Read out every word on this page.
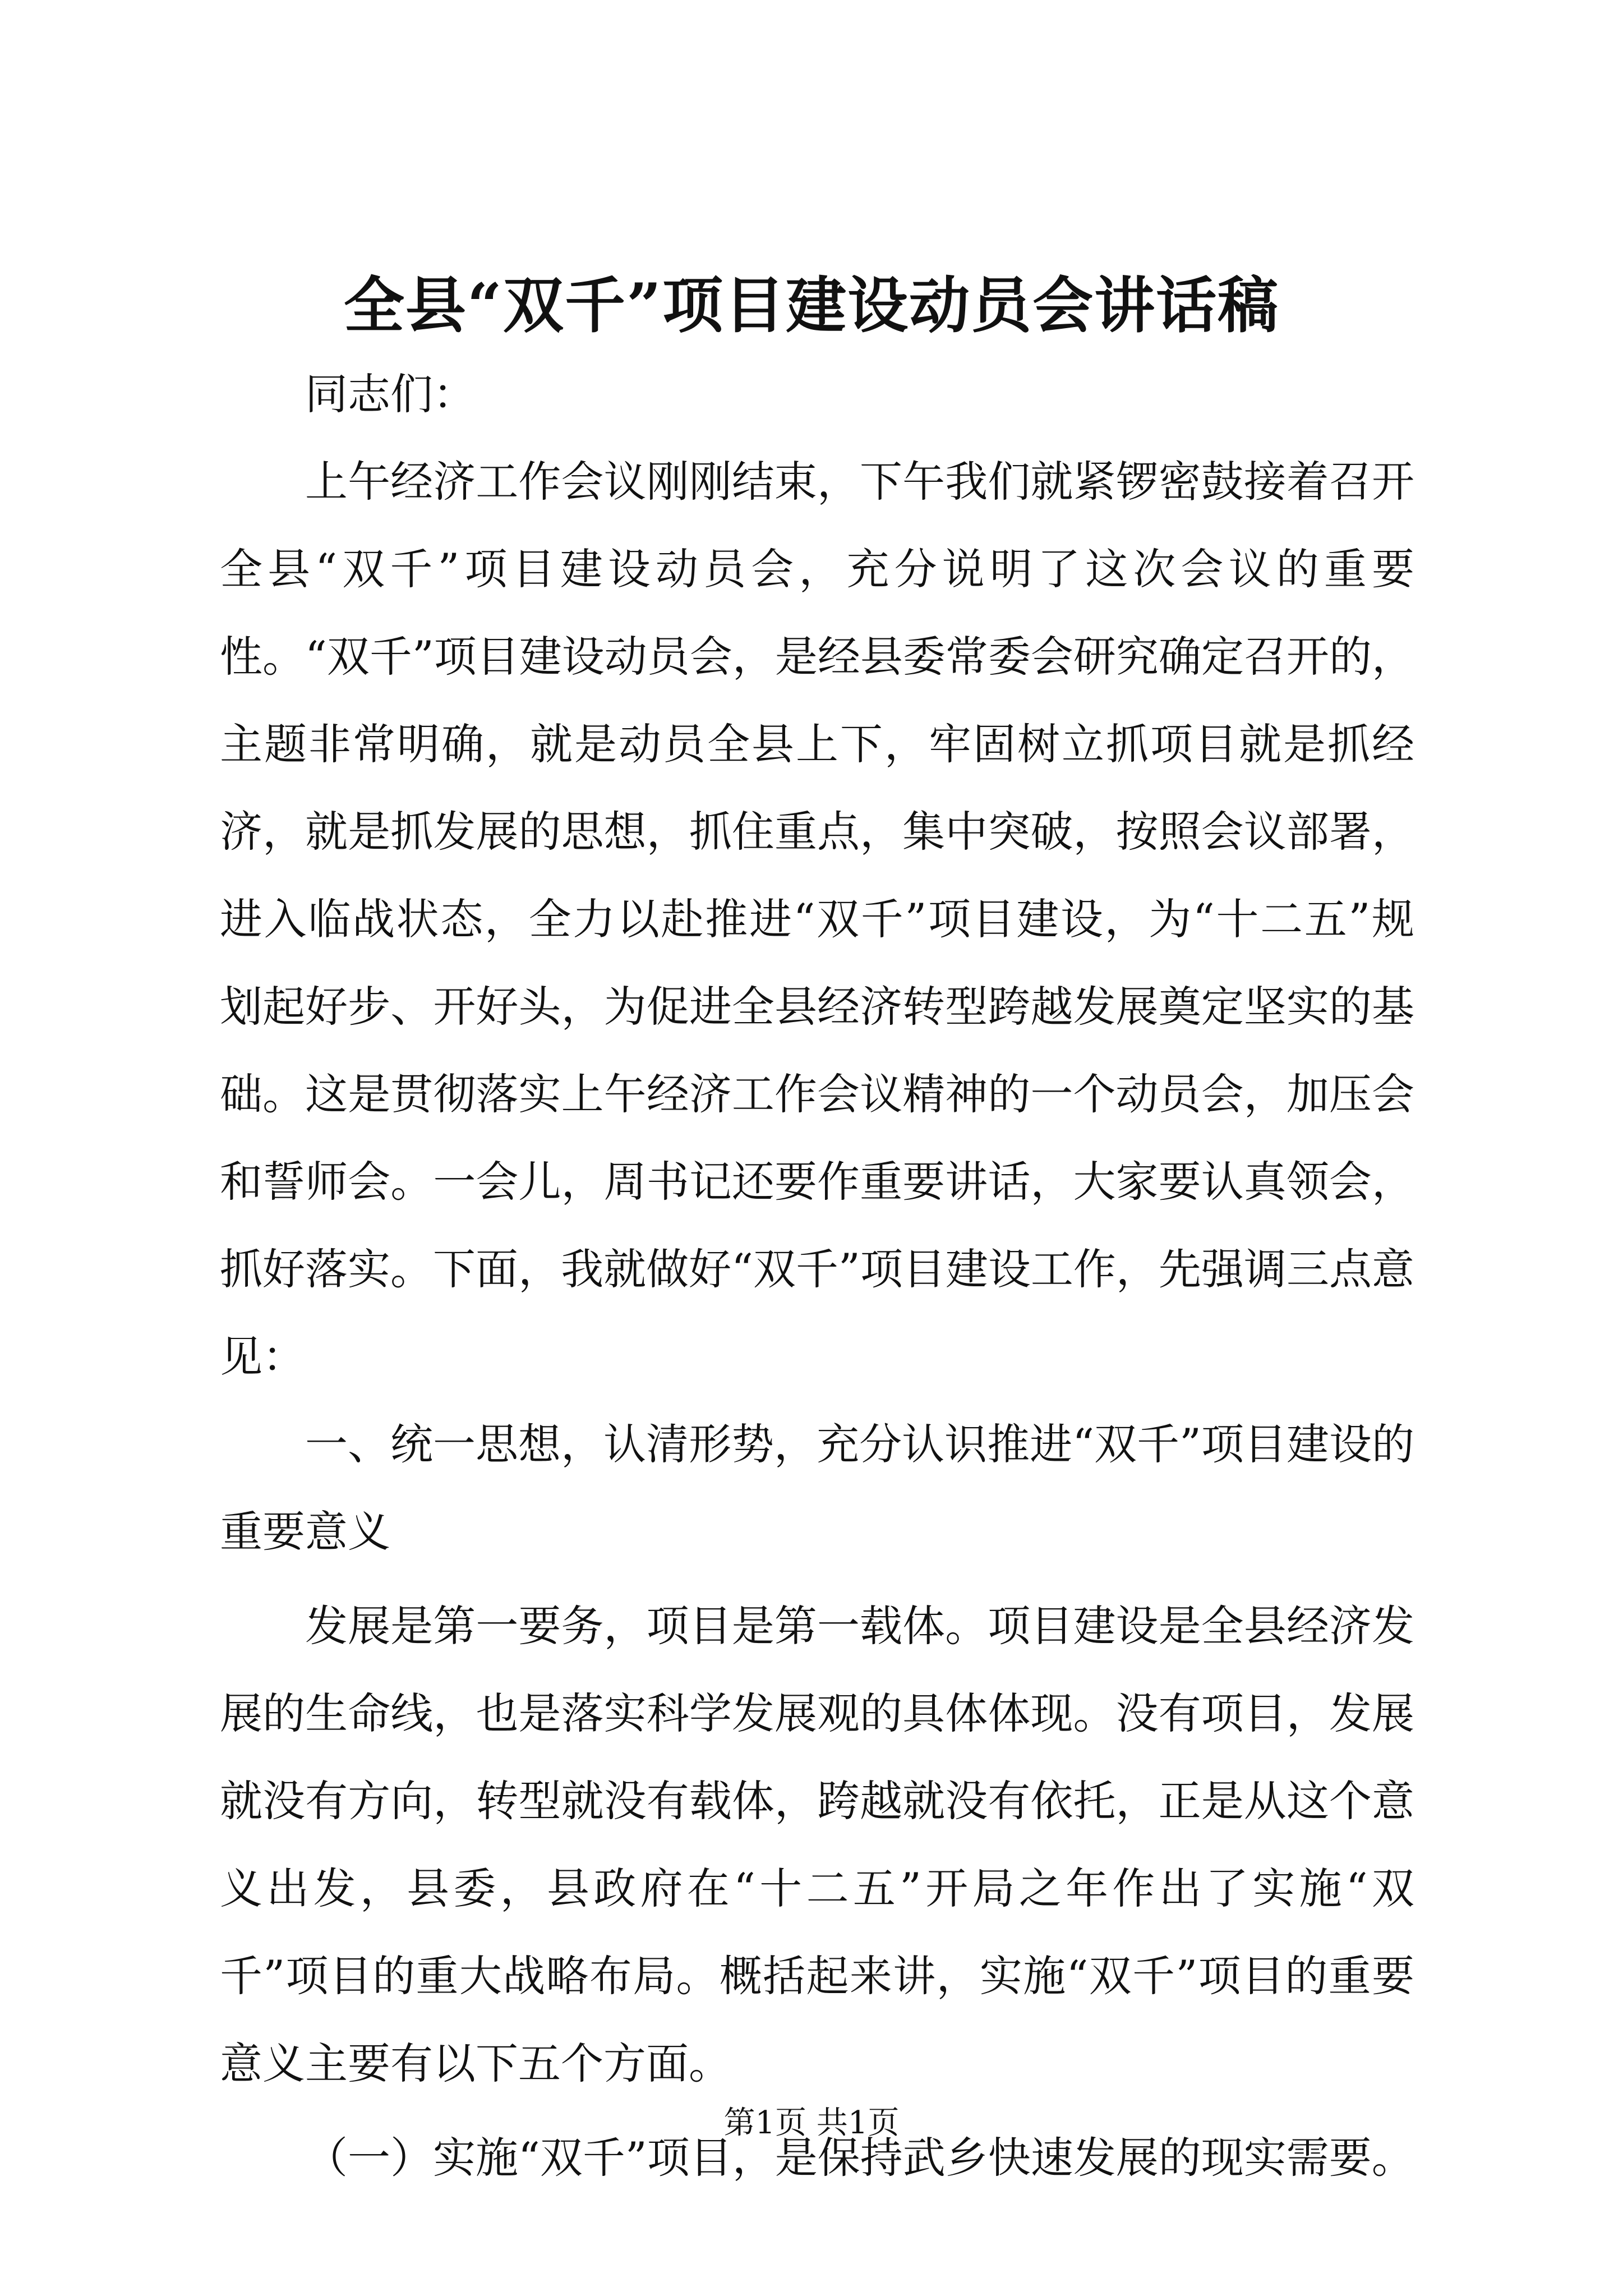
全县“双千”项目建设动员会讲话稿

同志们：

上午经济工作会议刚刚结束，下午我们就紧锣密鼓接着召开全县“双千”项目建设动员会，充分说明了这次会议的重要性。“双千”项目建设动员会，是经县委常委会研究确定召开的，主题非常明确，就是动员全县上下，牢固树立抓项目就是抓经济，就是抓发展的思想，抓住重点，集中突破，按照会议部署，进入临战状态，全力以赴推进“双千”项目建设，为“十二五”规划起好步、开好头，为促进全县经济转型跨越发展奠定坚实的基础。这是贯彻落实上午经济工作会议精神的一个动员会，加压会和誓师会。一会儿，周书记还要作重要讲话，大家要认真领会，抓好落实。下面，我就做好“双千”项目建设工作，先强调三点意见：

一、统一思想，认清形势，充分认识推进“双千”项目建设的重要意义

发展是第一要务，项目是第一载体。项目建设是全县经济发展的生命线，也是落实科学发展观的具体体现。没有项目，发展就没有方向，转型就没有载体，跨越就没有依托，正是从这个意义出发，县委，县政府在“十二五”开局之年作出了实施“双千”项目的重大战略布局。概括起来讲，实施“双千”项目的重要意义主要有以下五个方面。

（一）实施“双千”项目，是保持武乡快速发展的现实需要。

第1页 共1页
